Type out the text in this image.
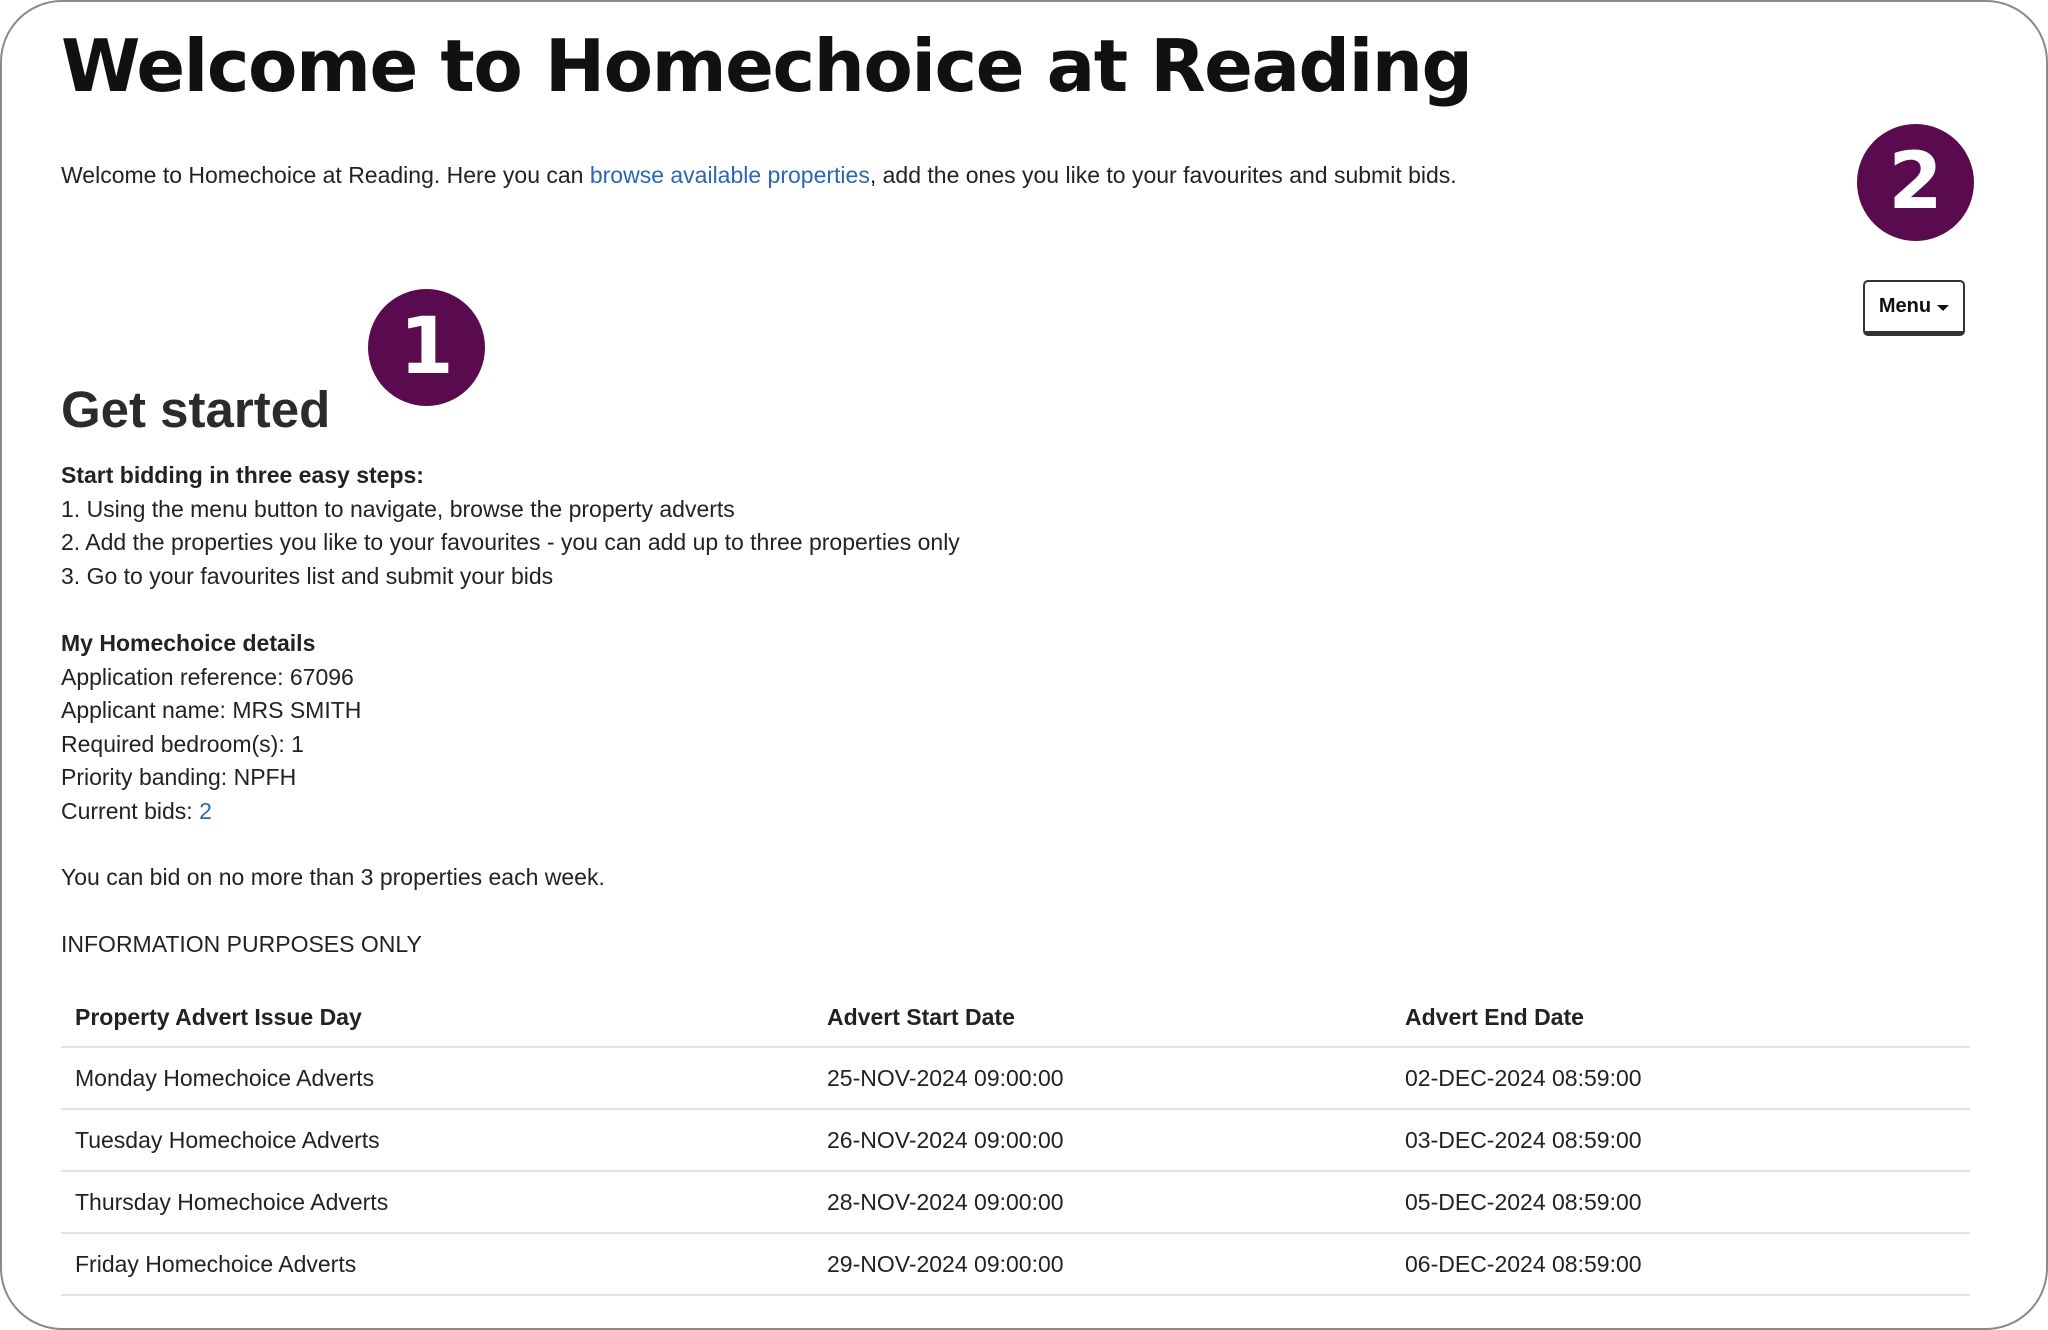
Welcome to Homechoice at Reading
Welcome to Homechoice at Reading. Here you can browse available properties, add the ones you like to your favourites and submit bids.	2
Menu
1
Get started
Start bidding in three easy steps:
1. Using the menu button to navigate, browse the property adverts
2. Add the properties you like to your favourites - you can add up to three properties only
3. Go to your favourites list and submit your bids
My Homechoice details
Application reference: 67096
Applicant name: MRS SMITH
Required bedroom(s): 1
Priority banding: NPFH
Current bids: 2
You can bid on no more than 3 properties each week.
INFORMATION PURPOSES ONLY
Property Advert Issue Day	Advert Start Date	Advert End Date
Monday Homechoice Adverts	25-NOV-2024 09:00:00	02-DEC-2024 08:59:00
Tuesday Homechoice Adverts	26-NOV-2024 09:00:00	03-DEC-2024 08:59:00
Thursday Homechoice Adverts	28-NOV-2024 09:00:00	05-DEC-2024 08:59:00
Friday Homechoice Adverts	29-NOV-2024 09:00:00	06-DEC-2024 08:59:00
